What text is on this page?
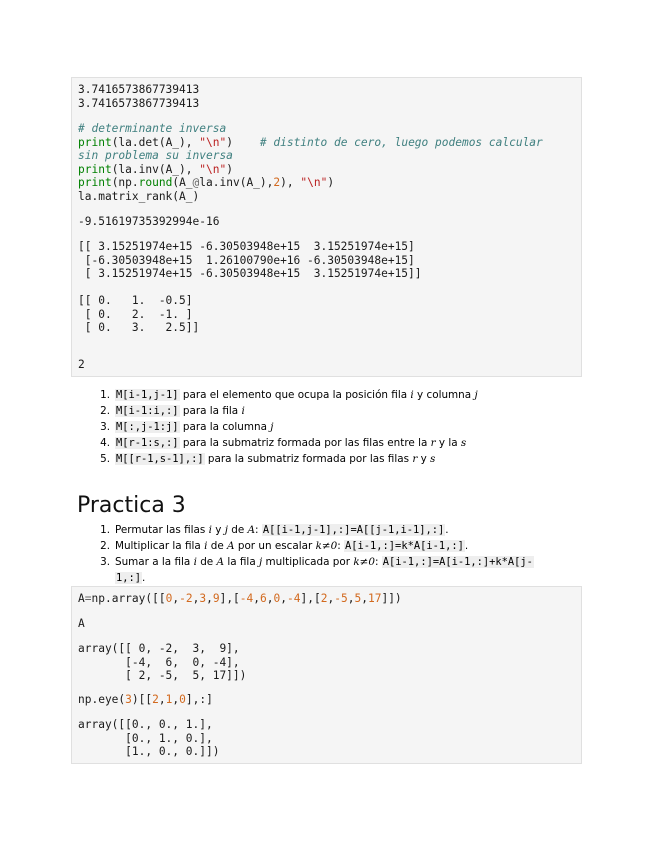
3.7416573867739413
3.7416573867739413
# determinante inversa
print(la.det(A_), "\n")    # distinto de cero, luego podemos calcular
sin problema su inversa
print(la.inv(A_), "\n")
print(np.round(A_@la.inv(A_),2), "\n")
la.matrix_rank(A_)
-9.51619735392994e-16
[[ 3.15251974e+15 -6.30503948e+15  3.15251974e+15]
[-6.30503948e+15  1.26100790e+16 -6.30503948e+15]
[ 3.15251974e+15 -6.30503948e+15  3.15251974e+15]]
[[ 0.   1.  -0.5]
[ 0.   2.  -1. ]
[ 0.   3.   2.5]]
2
1. M[i-1,j-1] para el elemento que ocupa la posición fila i y columna j
2. M[i-1:i,:] para la fila i
3. M[:,j-1:j] para la columna j
4. M[r-1:s,:] para la submatriz formada por las filas entre la r y la s
5. M[[r-1,s-1],:] para la submatriz formada por las filas r y s
Practica 3
1. Permutar las filas i y j de A: A[[i-1,j-1],:]=A[[j-1,i-1],:].
2. Multiplicar la fila i de A por un escalar k≠0: A[i-1,:]=k*A[i-1,:].
3. Sumar a la fila i de A la fila j multiplicada por k≠0: A[i-1,:]=A[i-1,:]+k*A[j-
1,:].
A=np.array([[0,-2,3,9],[-4,6,0,-4],[2,-5,5,17]])
A
array([[ 0, -2,  3,  9],
[-4,  6,  0, -4],
[ 2, -5,  5, 17]])
np.eye(3)[[2,1,0],:]
array([[0., 0., 1.],
[0., 1., 0.],
[1., 0., 0.]])
